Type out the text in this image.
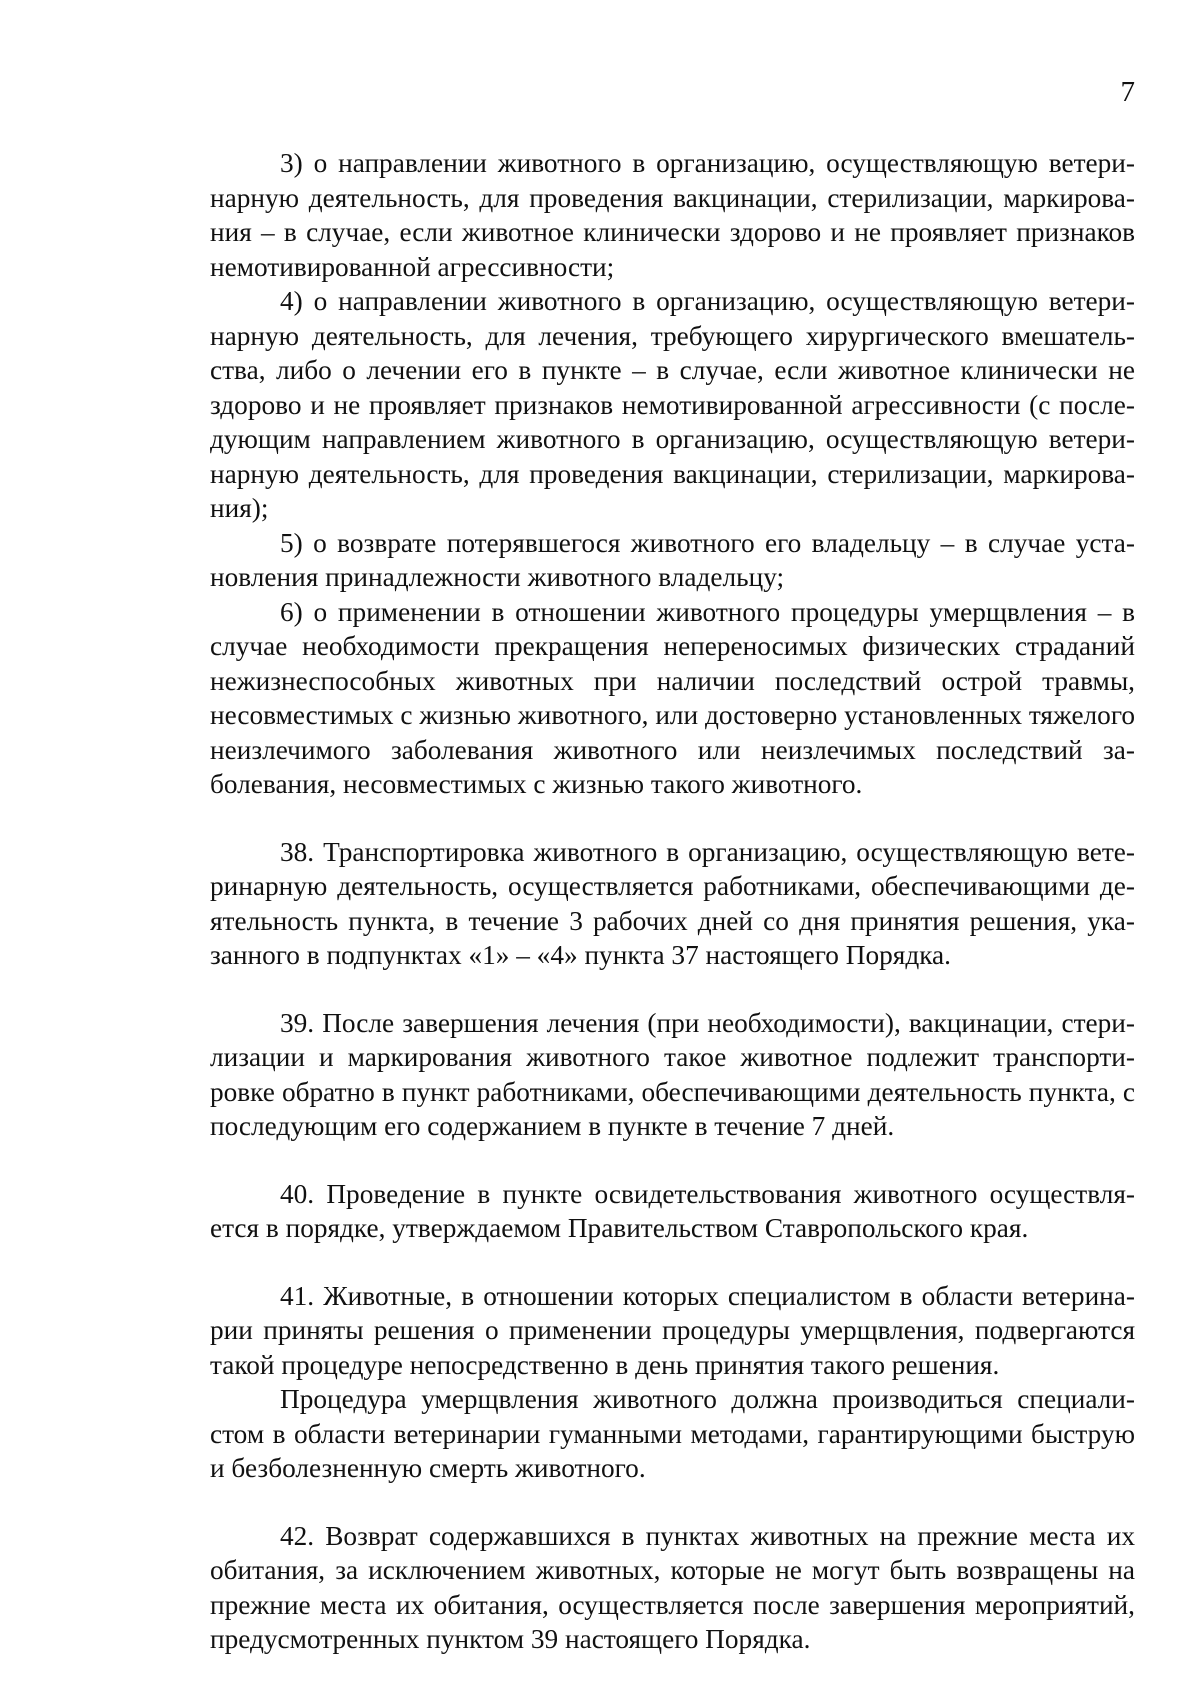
7

3) о направлении животного в организацию, осуществляющую ветеринарную деятельность, для проведения вакцинации, стерилизации, маркирования – в случае, если животное клинически здорово и не проявляет признаков немотивированной агрессивности;

4) о направлении животного в организацию, осуществляющую ветеринарную деятельность, для лечения, требующего хирургического вмешательства, либо о лечении его в пункте – в случае, если животное клинически не здорово и не проявляет признаков немотивированной агрессивности (с последующим направлением животного в организацию, осуществляющую ветеринарную деятельность, для проведения вакцинации, стерилизации, маркирования);

5) о возврате потерявшегося животного его владельцу – в случае установления принадлежности животного владельцу;

6) о применении в отношении животного процедуры умерщвления – в случае необходимости прекращения непереносимых физических страданий нежизнеспособных животных при наличии последствий острой травмы, несовместимых с жизнью животного, или достоверно установленных тяжелого неизлечимого заболевания животного или неизлечимых последствий заболевания, несовместимых с жизнью такого животного.

38. Транспортировка животного в организацию, осуществляющую ветеринарную деятельность, осуществляется работниками, обеспечивающими деятельность пункта, в течение 3 рабочих дней со дня принятия решения, указанного в подпунктах «1» – «4» пункта 37 настоящего Порядка.

39. После завершения лечения (при необходимости), вакцинации, стерилизации и маркирования животного такое животное подлежит транспортировке обратно в пункт работниками, обеспечивающими деятельность пункта, с последующим его содержанием в пункте в течение 7 дней.

40. Проведение в пункте освидетельствования животного осуществляется в порядке, утверждаемом Правительством Ставропольского края.

41. Животные, в отношении которых специалистом в области ветеринарии приняты решения о применении процедуры умерщвления, подвергаются такой процедуре непосредственно в день принятия такого решения.

Процедура умерщвления животного должна производиться специалистом в области ветеринарии гуманными методами, гарантирующими быструю и безболезненную смерть животного.

42. Возврат содержавшихся в пунктах животных на прежние места их обитания, за исключением животных, которые не могут быть возвращены на прежние места их обитания, осуществляется после завершения мероприятий, предусмотренных пунктом 39 настоящего Порядка.
